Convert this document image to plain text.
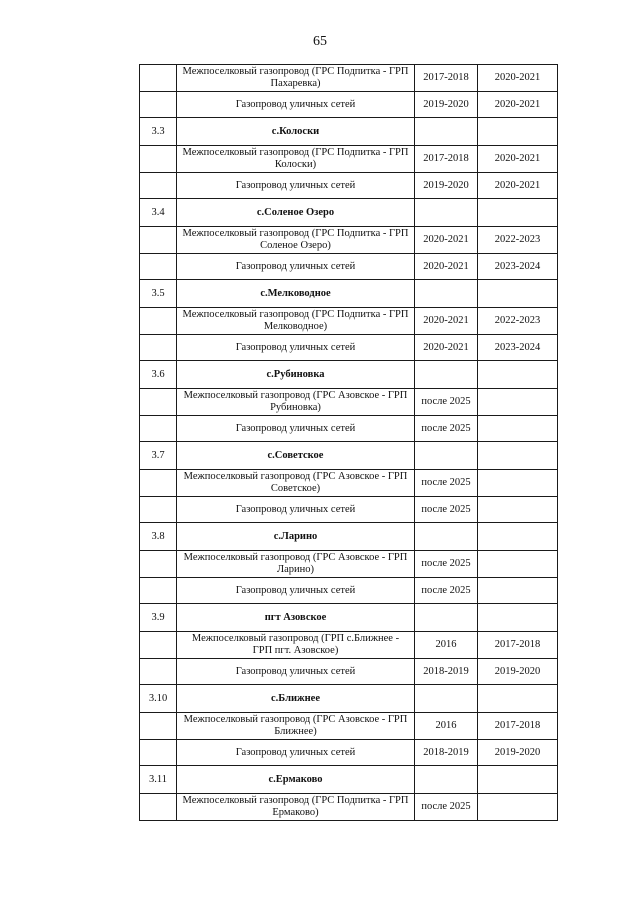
65
	Межпоселковый газопровод (ГРС Подпитка - ГРП Пахаревка)	2017-2018	2020-2021
	Газопровод уличных сетей	2019-2020	2020-2021
3.3	с.Колоски		
	Межпоселковый газопровод (ГРС Подпитка - ГРП Колоски)	2017-2018	2020-2021
	Газопровод уличных сетей	2019-2020	2020-2021
3.4	с.Соленое Озеро		
	Межпоселковый газопровод (ГРС Подпитка - ГРП Соленое Озеро)	2020-2021	2022-2023
	Газопровод уличных сетей	2020-2021	2023-2024
3.5	с.Мелководное		
	Межпоселковый газопровод (ГРС Подпитка - ГРП Мелководное)	2020-2021	2022-2023
	Газопровод уличных сетей	2020-2021	2023-2024
3.6	с.Рубиновка		
	Межпоселковый газопровод (ГРС Азовское - ГРП Рубиновка)	после 2025	
	Газопровод уличных сетей	после 2025	
3.7	с.Советское		
	Межпоселковый газопровод (ГРС Азовское - ГРП Советское)	после 2025	
	Газопровод уличных сетей	после 2025	
3.8	с.Ларино		
	Межпоселковый газопровод (ГРС Азовское - ГРП Ларино)	после 2025	
	Газопровод уличных сетей	после 2025	
3.9	пгт Азовское		
	Межпоселковый газопровод (ГРП с.Ближнее - ГРП пгт. Азовское)	2016	2017-2018
	Газопровод уличных сетей	2018-2019	2019-2020
3.10	с.Ближнее		
	Межпоселковый газопровод (ГРС Азовское - ГРП Ближнее)	2016	2017-2018
	Газопровод уличных сетей	2018-2019	2019-2020
3.11	с.Ермаково		
	Межпоселковый газопровод (ГРС Подпитка - ГРП Ермаково)	после 2025	
